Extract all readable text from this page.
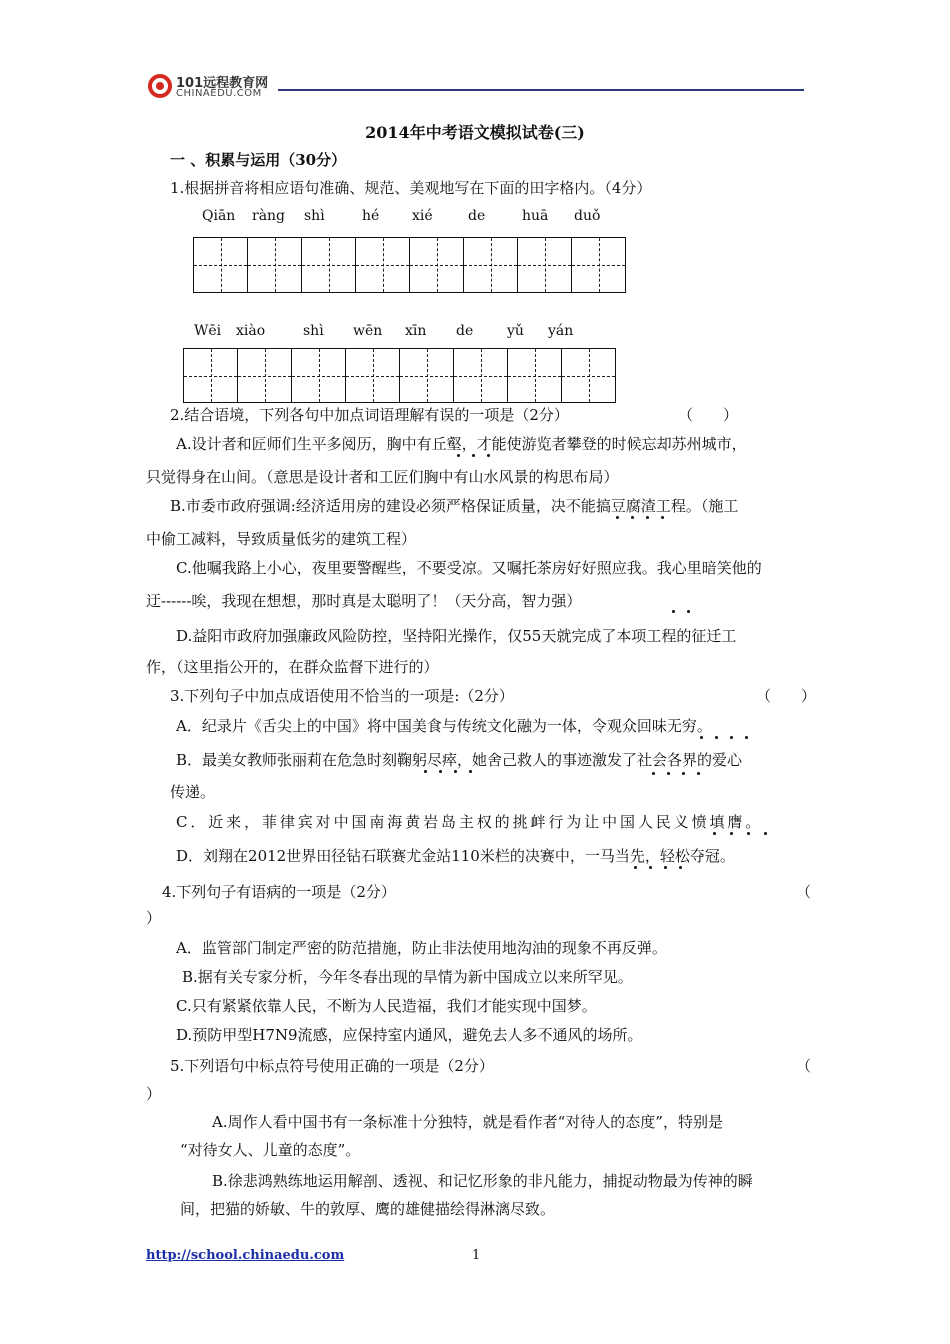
101远程教育网
CHINAEDU.COM
2014年中考语文模拟试卷(三)
一 、积累与运用（30分）
1.根据拼音将相应语句准确、规范、美观地写在下面的田字格内。（4分）
Qiān ràng shì	hé xié	de	huā duǒ
Wēi xiào	shì wēn xīn de yǔ yán
2.结合语境，下列各句中加点词语理解有误的一项是（2分）	（　　）
A.设计者和匠师们生平多阅历，胸中有丘壑，才能使游览者攀登的时候忘却苏州城市，
只觉得身在山间。（意思是设计者和工匠们胸中有山水风景的构思布局）
B.市委市政府强调:经济适用房的建设必须严格保证质量，决不能搞豆腐渣工程。（施工
中偷工减料，导致质量低劣的建筑工程）
C.他嘱我路上小心，夜里要警醒些，不要受凉。又嘱托茶房好好照应我。我心里暗笑他的
迂------唉，我现在想想，那时真是太聪明了！（天分高，智力强）
D.益阳市政府加强廉政风险防控，坚持阳光操作，仅55天就完成了本项工程的征迁工
作，（这里指公开的，在群众监督下进行的）
3.下列句子中加点成语使用不恰当的一项是:（2分）	（　　）
A．纪录片《舌尖上的中国》将中国美食与传统文化融为一体，令观众回味无穷。
B．最美女教师张丽莉在危急时刻鞠躬尽瘁，她舍己救人的事迹激发了社会各界的爱心
传递。
C．近来，菲律宾对中国南海黄岩岛主权的挑衅行为让中国人民义愤填膺。
D．刘翔在2012世界田径钻石联赛尤金站110米栏的决赛中，一马当先，轻松夺冠。
4.下列句子有语病的一项是（2分）	（
）
A．监管部门制定严密的防范措施，防止非法使用地沟油的现象不再反弹。
B.据有关专家分析，今年冬春出现的旱情为新中国成立以来所罕见。
C.只有紧紧依靠人民，不断为人民造福，我们才能实现中国梦。
D.预防甲型H7N9流感，应保持室内通风，避免去人多不通风的场所。
5.下列语句中标点符号使用正确的一项是（2分）	（
）
A.周作人看中国书有一条标准十分独特，就是看作者“对待人的态度”，特别是
“对待女人、儿童的态度”。
B.徐悲鸿熟练地运用解剖、透视、和记忆形象的非凡能力，捕捉动物最为传神的瞬
间，把猫的娇敏、牛的敦厚、鹰的雄健描绘得淋漓尽致。
http://school.chinaedu.com	1
